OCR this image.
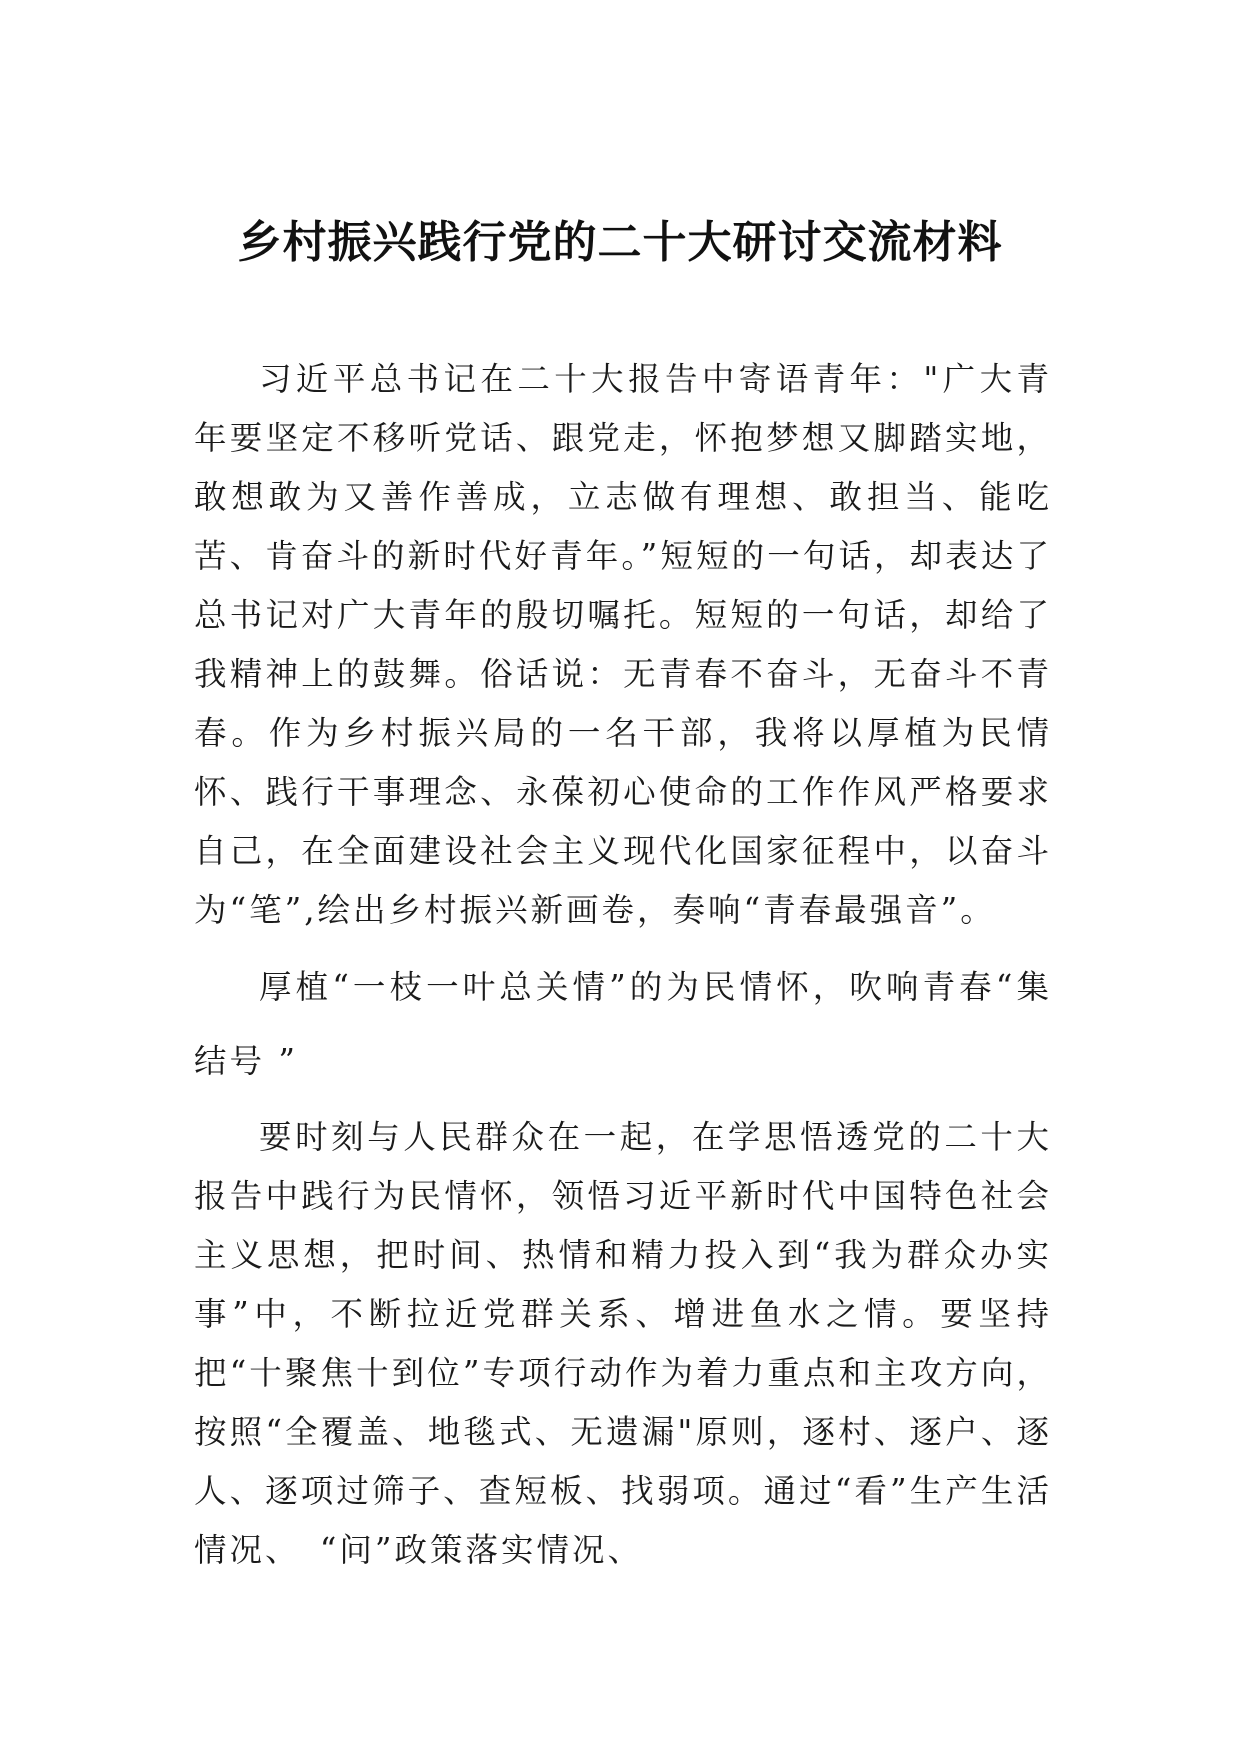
乡村振兴践行党的二十大研讨交流材料

习近平总书记在二十大报告中寄语青年："广大青年要坚定不移听党话、跟党走，怀抱梦想又脚踏实地，敢想敢为又善作善成，立志做有理想、敢担当、能吃苦、肯奋斗的新时代好青年。”短短的一句话，却表达了总书记对广大青年的殷切嘱托。短短的一句话，却给了我精神上的鼓舞。俗话说：无青春不奋斗，无奋斗不青春。作为乡村振兴局的一名干部，我将以厚植为民情怀、践行干事理念、永葆初心使命的工作作风严格要求自己，在全面建设社会主义现代化国家征程中，以奋斗为“笔”,绘出乡村振兴新画卷，奏响“青春最强音”。

厚植“一枝一叶总关情”的为民情怀，吹响青春“集结号 ”

要时刻与人民群众在一起，在学思悟透党的二十大报告中践行为民情怀，领悟习近平新时代中国特色社会主义思想，把时间、热情和精力投入到“我为群众办实事”中，不断拉近党群关系、增进鱼水之情。要坚持把“十聚焦十到位”专项行动作为着力重点和主攻方向，按照“全覆盖、地毯式、无遗漏"原则，逐村、逐户、逐人、逐项过筛子、查短板、找弱项。通过“看”生产生活情况、　“问”政策落实情况、
